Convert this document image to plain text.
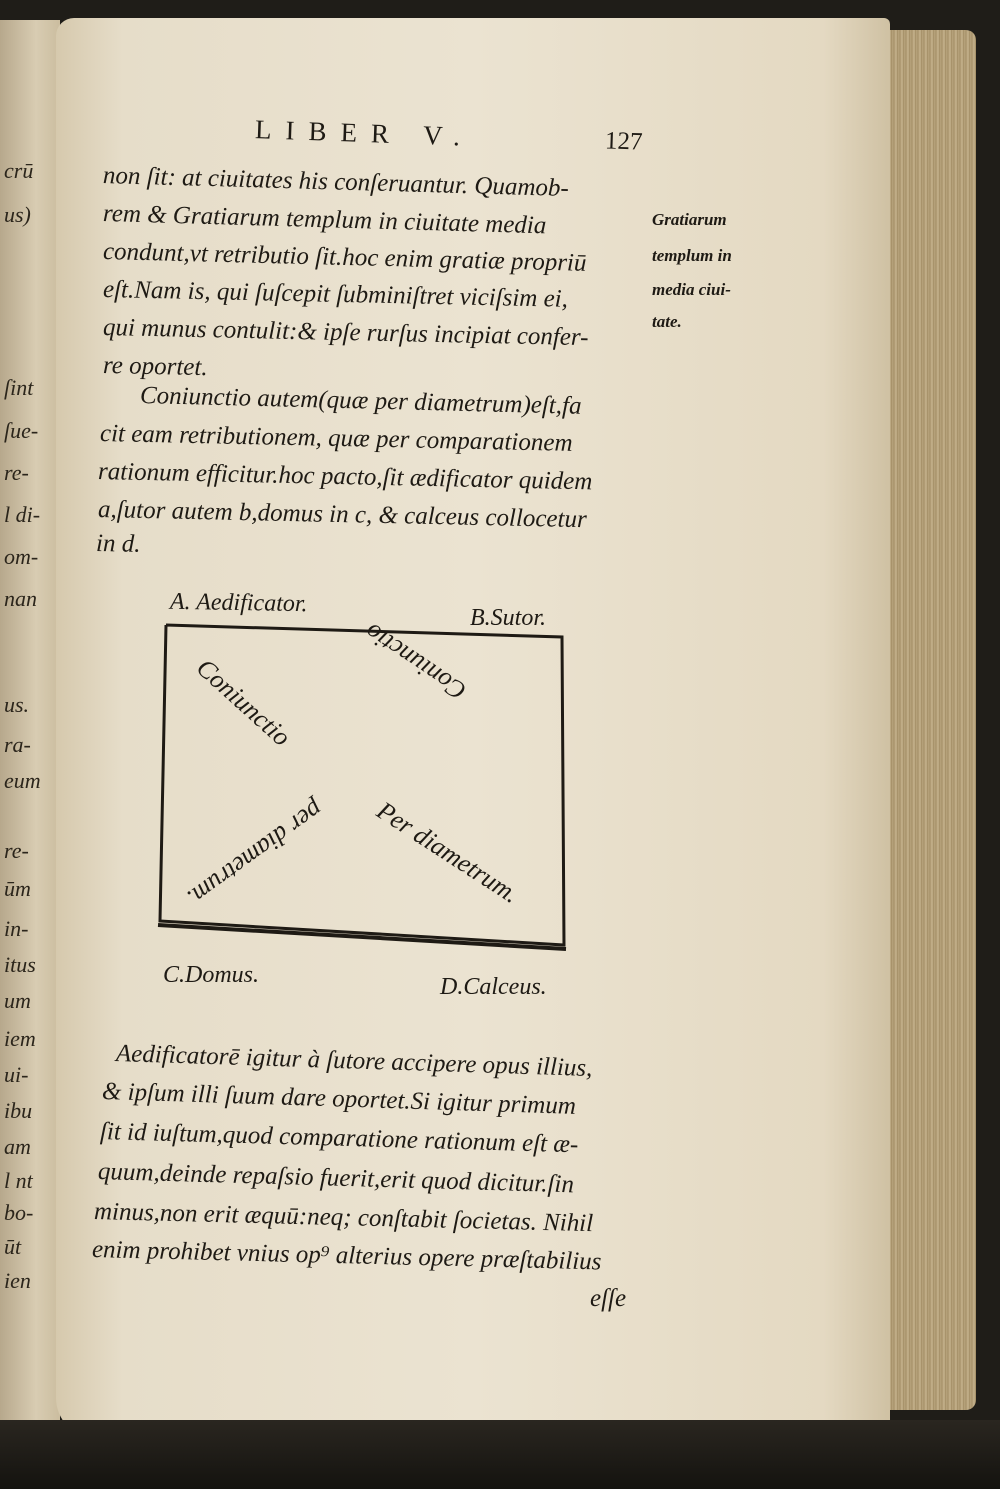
crū
us)
ſint
ſue-
re-
l di-
om-
nan
us.
ra-
eum
re-
ūm
in-
itus
um
iem
ui-
ibu
am
l nt
bo-
ūt
ien
LIBER V.	127
non ſit: at ciuitates his conſeruantur. Quamob-
rem & Gratiarum templum in ciuitate media
condunt,vt retributio ſit.hoc enim gratiæ propriū
eſt.Nam is, qui ſuſcepit ſubminiſtret viciſsim ei,
qui munus contulit:& ipſe rurſus incipiat confer-
re oportet.
Gratiarum
templum in
media ciui-
tate.
Coniunctio autem(quæ per diametrum)eſt,fa
cit eam retributionem, quæ per comparationem
rationum efficitur.hoc pacto,ſit ædificator quidem
a,ſutor autem b,domus in c, & calceus collocetur
in d.
A. Aedificator.
B.Sutor.
C.Domus.	D.Calceus.
Coniunctio Coniunctio
per diametrum. Per diametrum.
Aedificatorē igitur à ſutore accipere opus illius,
& ipſum illi ſuum dare oportet.Si igitur primum
ſit id iuſtum,quod comparatione rationum eſt æ-
quum,deinde repaſsio fuerit,erit quod dicitur.ſin
minus,non erit æquū:neq; conſtabit ſocietas. Nihil
enim prohibet vnius op⁹ alterius opere præſtabilius
eſſe
